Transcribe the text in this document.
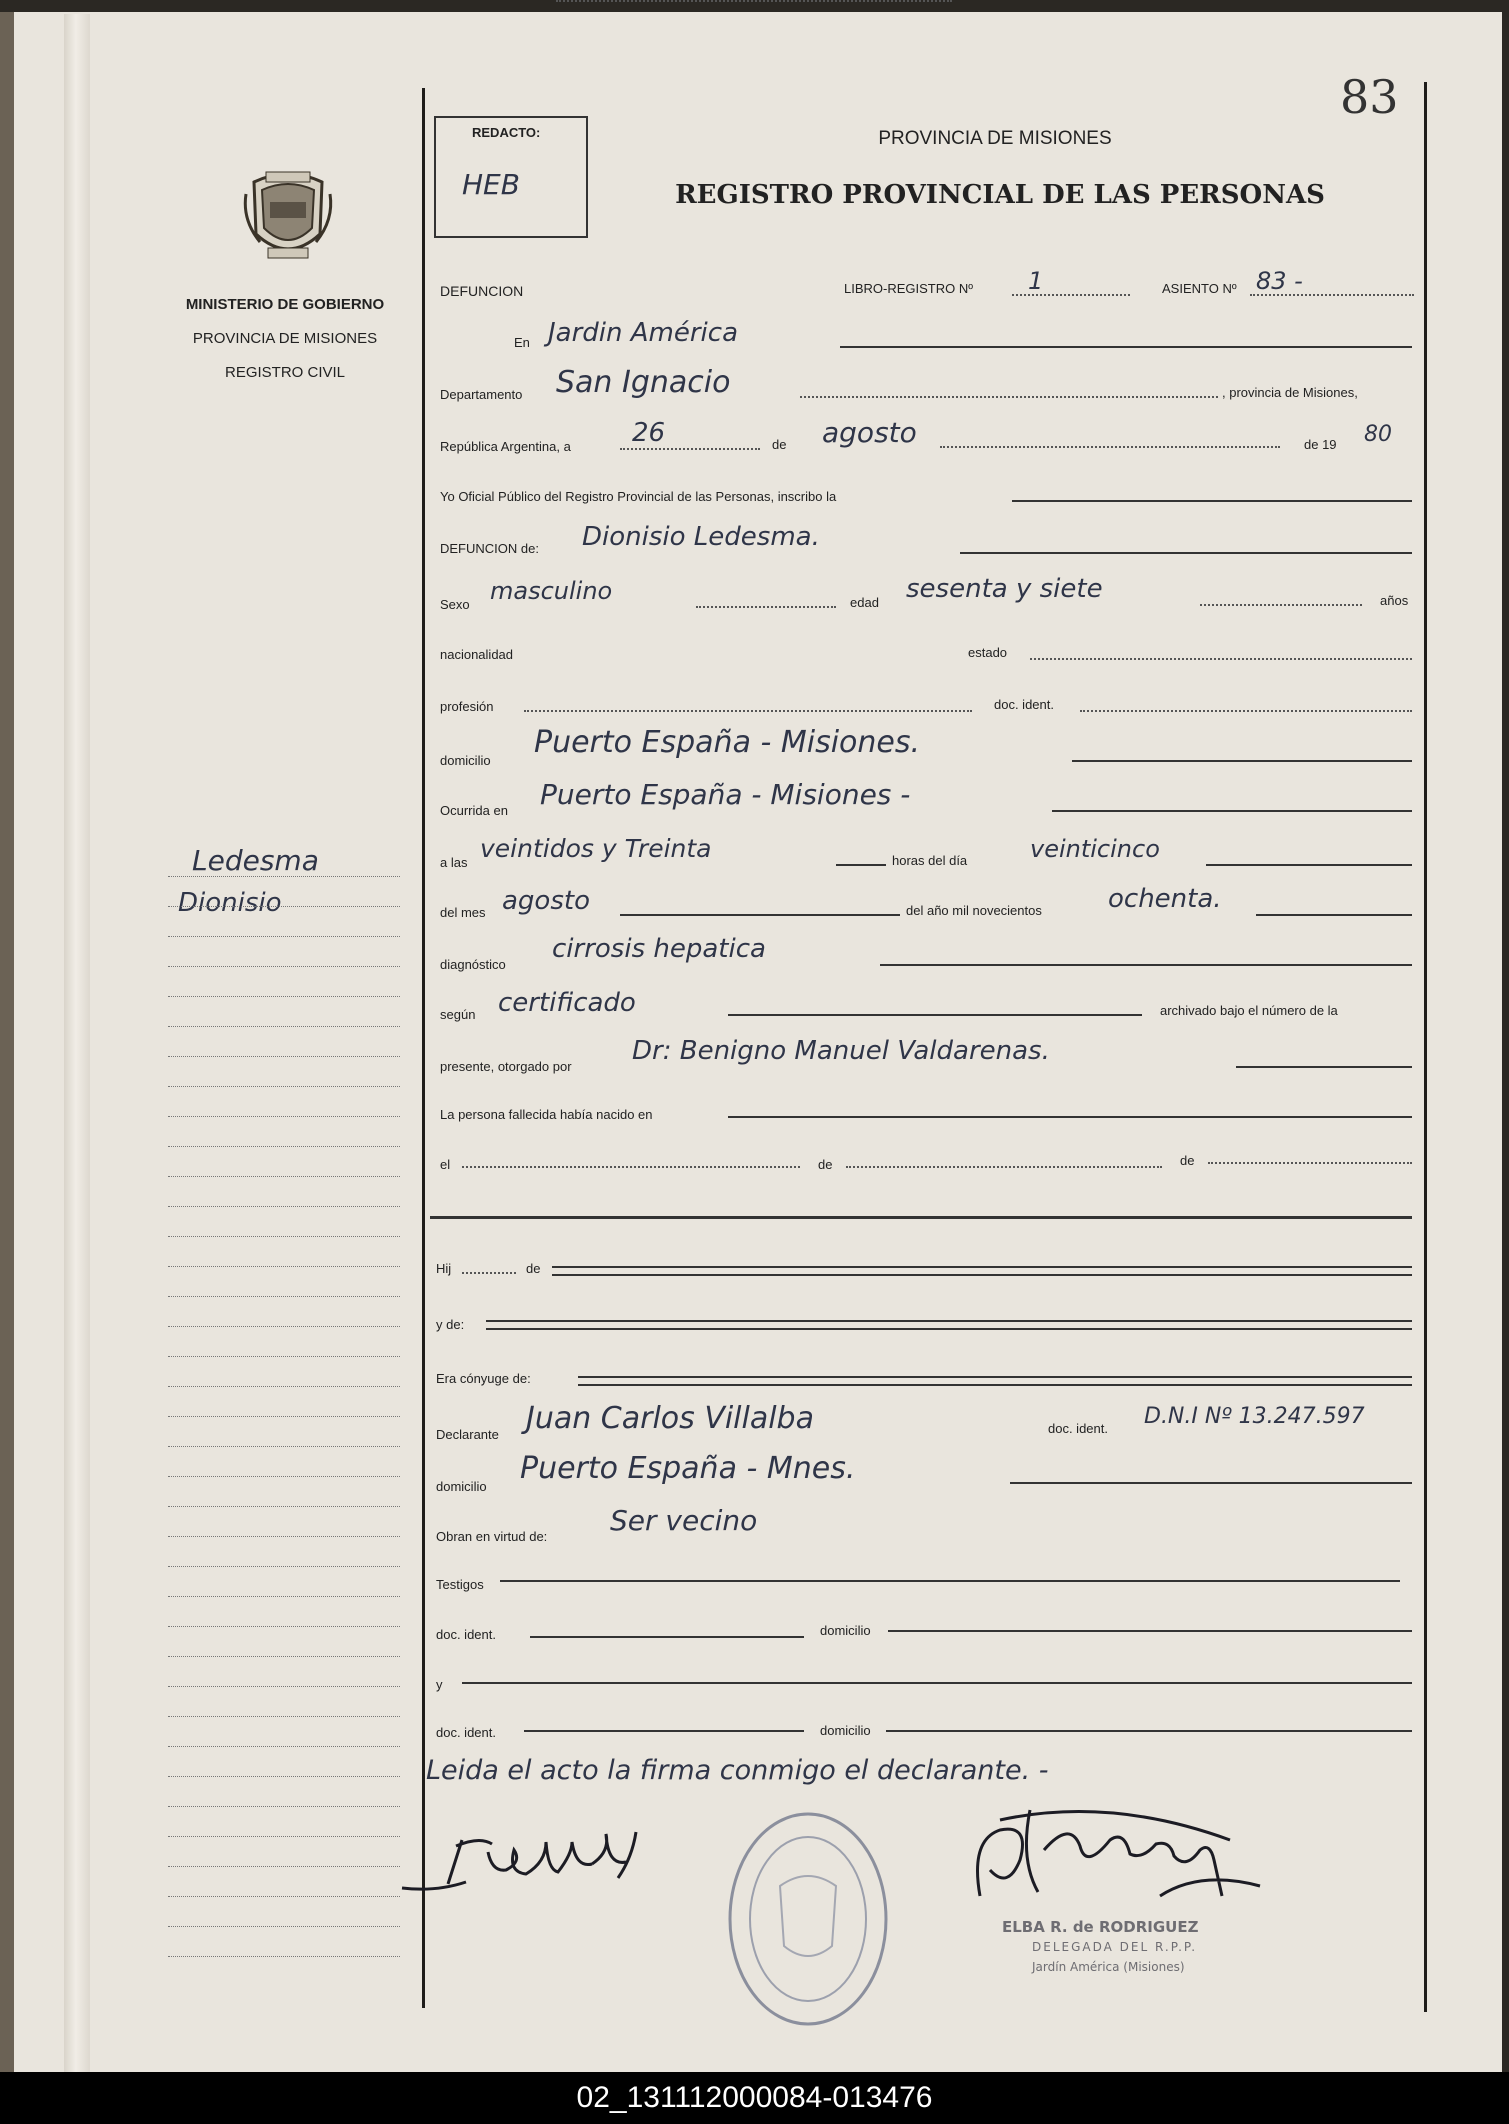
83
MINISTERIO DE GOBIERNO
PROVINCIA DE MISIONES
REGISTRO CIVIL
REDACTO:
HEB
PROVINCIA DE MISIONES
REGISTRO PROVINCIAL DE LAS PERSONAS
DEFUNCION	LIBRO-REGISTRO Nº 1	ASIENTO Nº 83 -
En Jardin América
Departamento San Ignacio	, provincia de Misiones,
República Argentina, a 26	de agosto	de 19 80
Yo Oficial Público del Registro Provincial de las Personas, inscribo la
DEFUNCION de: Dionisio Ledesma.
Sexo masculino	edad sesenta y siete	años
nacionalidad	estado
profesión	doc. ident.
domicilio
Puerto España - Misiones.
Ocurrida en Puerto España - Misiones -
a las veintidos y Treinta	horas del día	veinticinco
del mes agosto	del año mil novecientos	ochenta.
diagnóstico
cirrosis hepatica
según certificado	archivado bajo el número de la
presente, otorgado por
Dr: Benigno Manuel Valdarenas.
La persona fallecida había nacido en
el	de	de
Hij	de
y de:
Era cónyuge de:
Declarante Juan Carlos Villalba	doc. ident. D.N.I Nº 13.247.597
domicilio
Puerto España - Mnes.
Obran en virtud de: Ser vecino
Testigos
doc. ident.	domicilio
y
doc. ident.	domicilio
Leida el acto la firma conmigo el declarante. -
ELBA R. de RODRIGUEZ
DELEGADA DEL R.P.P.
Jardín América (Misiones)
Ledesma
Dionisio
02_131112000084-013476
